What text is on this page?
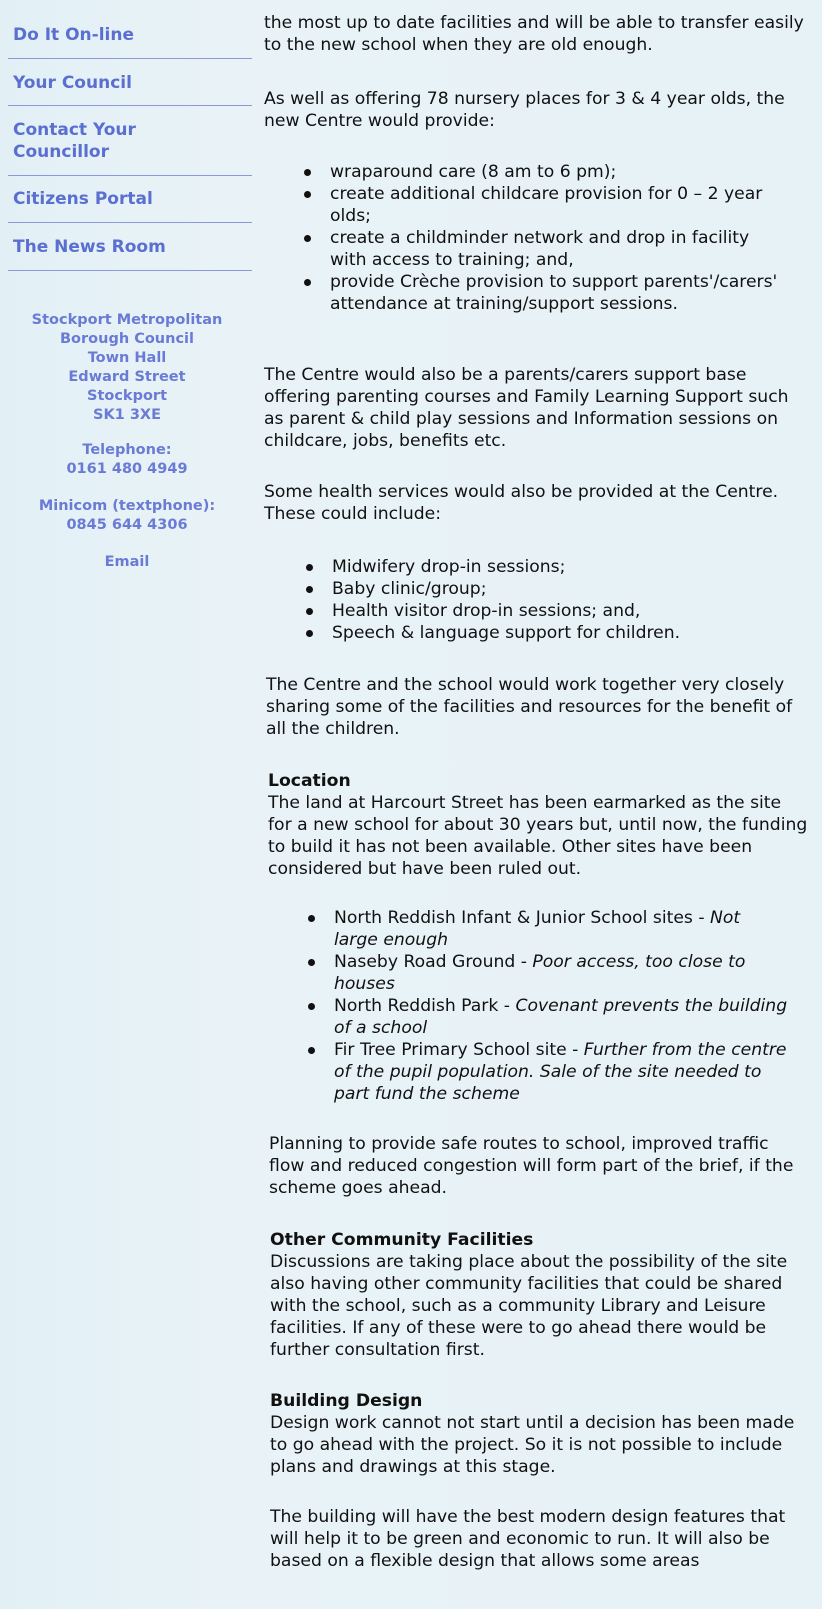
Do It On-line
Your Council
Contact Your Councillor
Citizens Portal
The News Room
Stockport Metropolitan
Borough Council
Town Hall
Edward Street
Stockport
SK1 3XE
Telephone:
0161 480 4949
Minicom (textphone):
0845 644 4306
Email

the most up to date facilities and will be able to transfer easily to the new school when they are old enough.

As well as offering 78 nursery places for 3 & 4 year olds, the new Centre would provide:

wraparound care (8 am to 6 pm);
create additional childcare provision for 0 – 2 year olds;
create a childminder network and drop in facility with access to training; and,
provide Crèche provision to support parents'/carers' attendance at training/support sessions.

The Centre would also be a parents/carers support base offering parenting courses and Family Learning Support such as parent & child play sessions and Information sessions on childcare, jobs, benefits etc.

Some health services would also be provided at the Centre. These could include:

Midwifery drop-in sessions;
Baby clinic/group;
Health visitor drop-in sessions; and,
Speech & language support for children.

The Centre and the school would work together very closely sharing some of the facilities and resources for the benefit of all the children.

Location

The land at Harcourt Street has been earmarked as the site for a new school for about 30 years but, until now, the funding to build it has not been available. Other sites have been considered but have been ruled out.

North Reddish Infant & Junior School sites - Not large enough
Naseby Road Ground - Poor access, too close to houses
North Reddish Park - Covenant prevents the building of a school
Fir Tree Primary School site - Further from the centre of the pupil population. Sale of the site needed to part fund the scheme

Planning to provide safe routes to school, improved traffic flow and reduced congestion will form part of the brief, if the scheme goes ahead.

Other Community Facilities

Discussions are taking place about the possibility of the site also having other community facilities that could be shared with the school, such as a community Library and Leisure facilities. If any of these were to go ahead there would be further consultation first.

Building Design

Design work cannot not start until a decision has been made to go ahead with the project. So it is not possible to include plans and drawings at this stage.

The building will have the best modern design features that will help it to be green and economic to run. It will also be based on a flexible design that allows some areas
